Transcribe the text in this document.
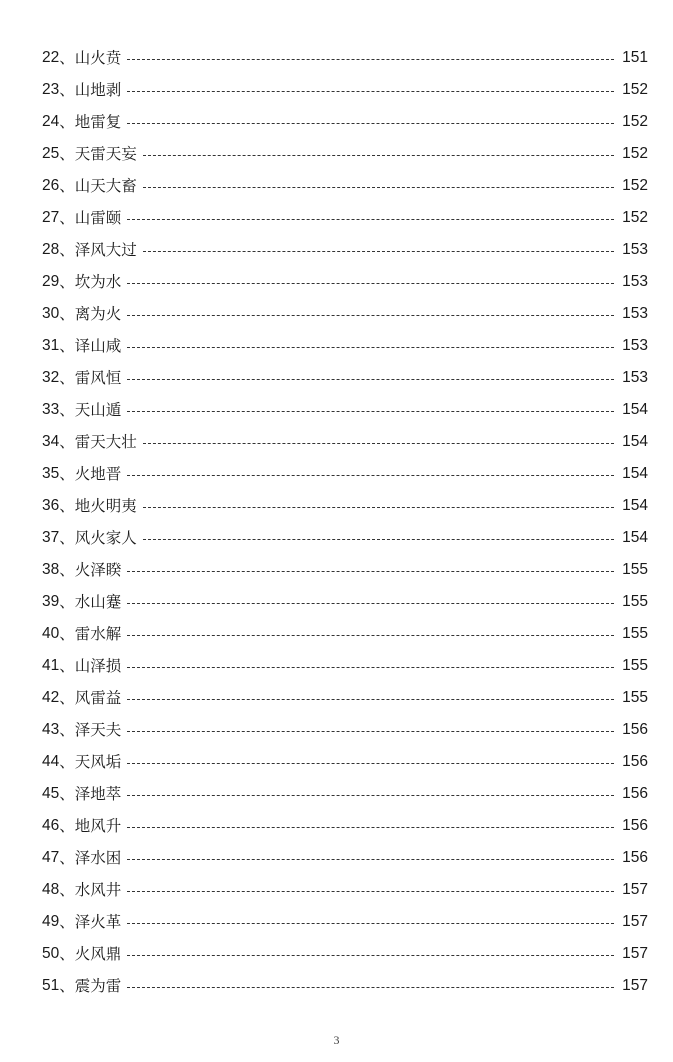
22 、 山火贲	151
23 、 山地剥	152
24 、 地雷复	152
25 、 天雷天妄	152
26 、 山天大畜	152
27 、 山雷颐	152
28 、 泽风大过	153
29 、 坎为水	153
30 、 离为火	153
31 、 译山咸	153
32 、 雷风恒	153
33 、 天山遁	154
34 、 雷天大壮	154
35 、 火地晋	154
36 、 地火明夷	154
37 、 风火家人	154
38 、 火泽睽	155
39 、 水山蹇	155
40 、 雷水解	155
41 、 山泽损	155
42 、 风雷益	155
43 、 泽天夫	156
44 、 天风垢	156
45 、 泽地萃	156
46 、 地风升	156
47 、 泽水困	156
48 、 水风井	157
49 、 泽火革	157
50 、 火风鼎	157
51 、 震为雷	157
3
